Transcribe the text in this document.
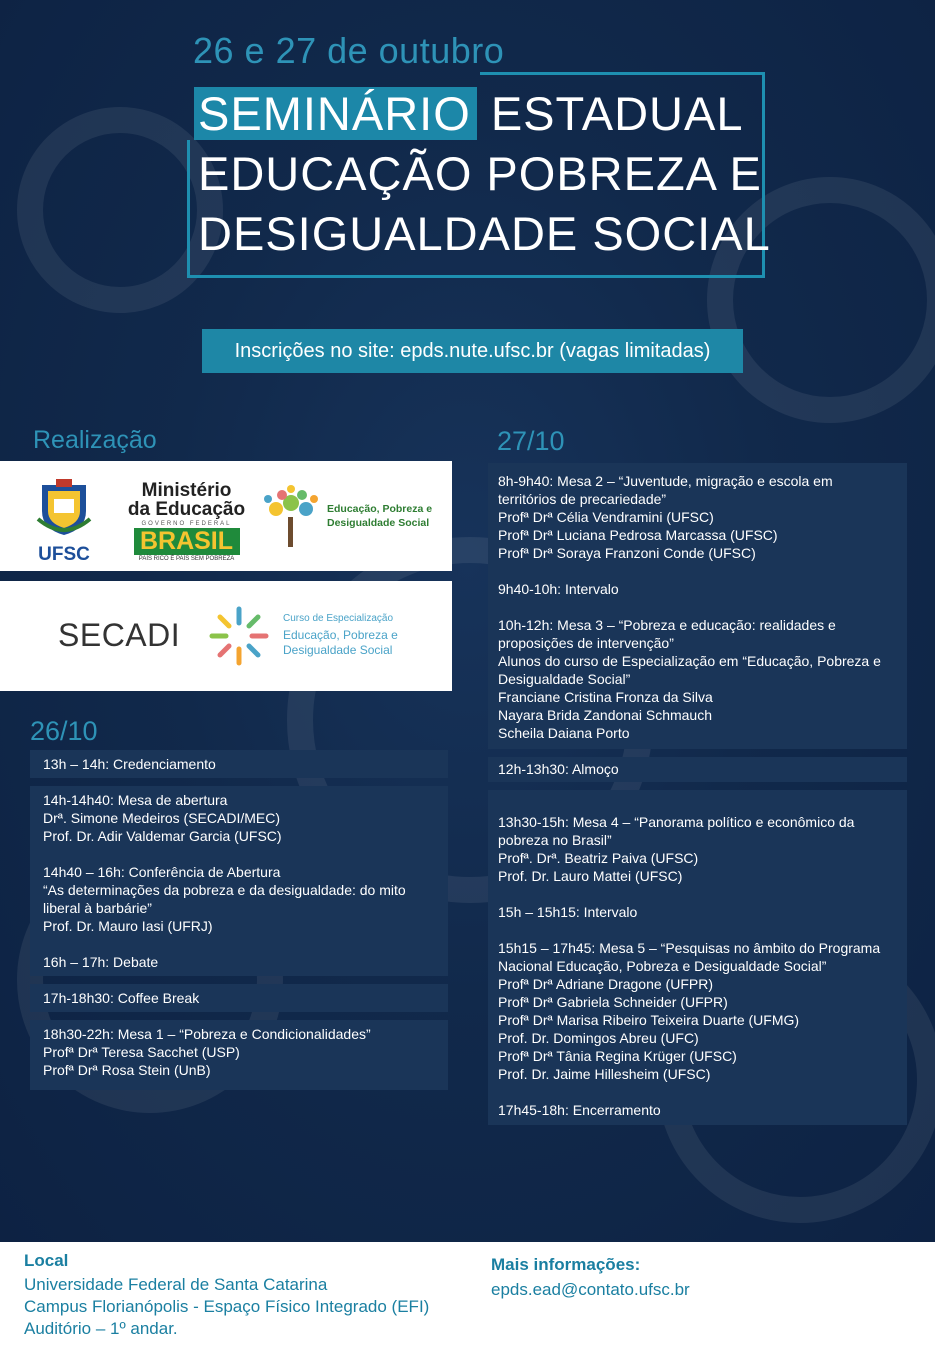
26 e 27 de outubro
SEMINÁRIO ESTADUAL
EDUCAÇÃO POBREZA E
DESIGUALDADE SOCIAL
Inscrições no site: epds.nute.ufsc.br (vagas limitadas)
Realização
UFSC
Ministério
da Educação
GOVERNO FEDERAL
BRASIL
PAÍS RICO É PAÍS SEM POBREZA
Educação, Pobreza e
Desigualdade Social
SECADI	Curso de Especialização
Educação, Pobreza e
Desigualdade Social
26/10

13h – 14h: Credenciamento

14h-14h40: Mesa de abertura

Drª. Simone Medeiros (SECADI/MEC)

Prof. Dr. Adir Valdemar Garcia (UFSC)

14h40 – 16h: Conferência de Abertura

“As determinações da pobreza e da desigualdade: do mito

liberal à barbárie”

Prof. Dr. Mauro Iasi (UFRJ)

16h – 17h: Debate

17h-18h30: Coffee Break

18h30-22h: Mesa 1 – “Pobreza e Condicionalidades”

Profª Drª Teresa Sacchet (USP)

Profª Drª Rosa Stein (UnB)

27/10

8h-9h40: Mesa 2 – “Juventude, migração e escola em

territórios de precariedade”

Profª Drª Célia Vendramini (UFSC)

Profª Drª Luciana Pedrosa Marcassa (UFSC)

Profª Drª Soraya Franzoni Conde (UFSC)

9h40-10h: Intervalo

10h-12h: Mesa 3 – “Pobreza e educação: realidades e

proposições de intervenção”

Alunos do curso de Especialização em “Educação, Pobreza e

Desigualdade Social”

Franciane Cristina Fronza da Silva

Nayara Brida Zandonai Schmauch

Scheila Daiana Porto

12h-13h30: Almoço

13h30-15h: Mesa 4 – “Panorama político e econômico da

pobreza no Brasil”

Profª. Drª. Beatriz Paiva (UFSC)

Prof. Dr. Lauro Mattei (UFSC)

15h – 15h15: Intervalo

15h15 – 17h45: Mesa 5 – “Pesquisas no âmbito do Programa

Nacional Educação, Pobreza e Desigualdade Social”

Profª Drª Adriane Dragone (UFPR)

Profª Drª Gabriela Schneider (UFPR)

Profª Drª Marisa Ribeiro Teixeira Duarte (UFMG)

Prof. Dr. Domingos Abreu (UFC)

Profª Drª Tânia Regina Krüger (UFSC)

Prof. Dr. Jaime Hillesheim (UFSC)

17h45-18h: Encerramento

Local

Universidade Federal de Santa Catarina

Campus Florianópolis - Espaço Físico Integrado (EFI)

Auditório – 1º andar.

Mais informações:
epds.ead@contato.ufsc.br
